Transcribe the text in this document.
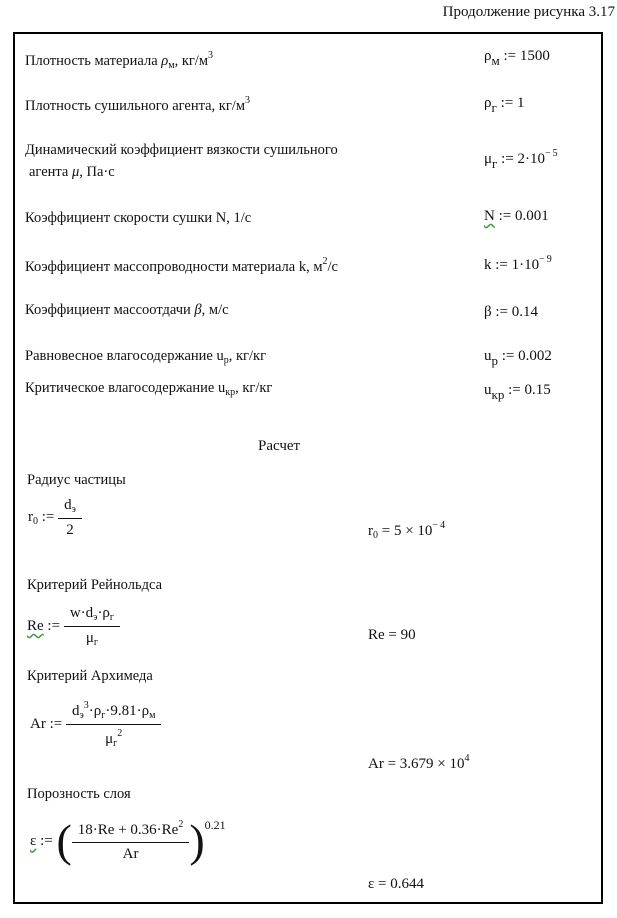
Продолжение рисунка 3.17
Плотность материала $\rho_м$, $кг/м^3$	ρм := 1500
Плотность сушильного агента, $кг/м^3$	ρг := 1
Динамический коэффициент вязкости сушильного
агента μ, Па·с
μг := $2\cdot 10^{- 5}$
Коэффициент скорости сушки N, 1/с	N := 0.001
Коэффициент массопроводности материала k, $м^2/с$	k := $1\cdot 10^{- 9}$
Коэффициент массоотдачи β, м/с	β := 0.14
Равновесное влагосодержание $u_р$, кг/кг	uр := 0.002
Критическое влагосодержание $u_{кр}$, кг/кг	uкр := 0.15
Расчет
Радиус частицы
$r_0$ := $\frac{d_э}{2}$	$r_0 = 5 \times 10^{- 4}$
Критерий Рейнольдса
Re := $\frac{w\cdot d_э\cdot\rho_г}{\mu_г}$	Re = 90
Критерий Архимеда
Ar := $\frac{d_э^3\cdot\rho_г\cdot 9.81\cdot\rho_м}{\mu_г^2}$
$Ar = 3.679 \times 10^4$
Порозность слоя
ε := ( $\frac{18\cdot Re + 0.36\cdot Re^2}{Ar}$ ) 0.21
ε = 0.644
